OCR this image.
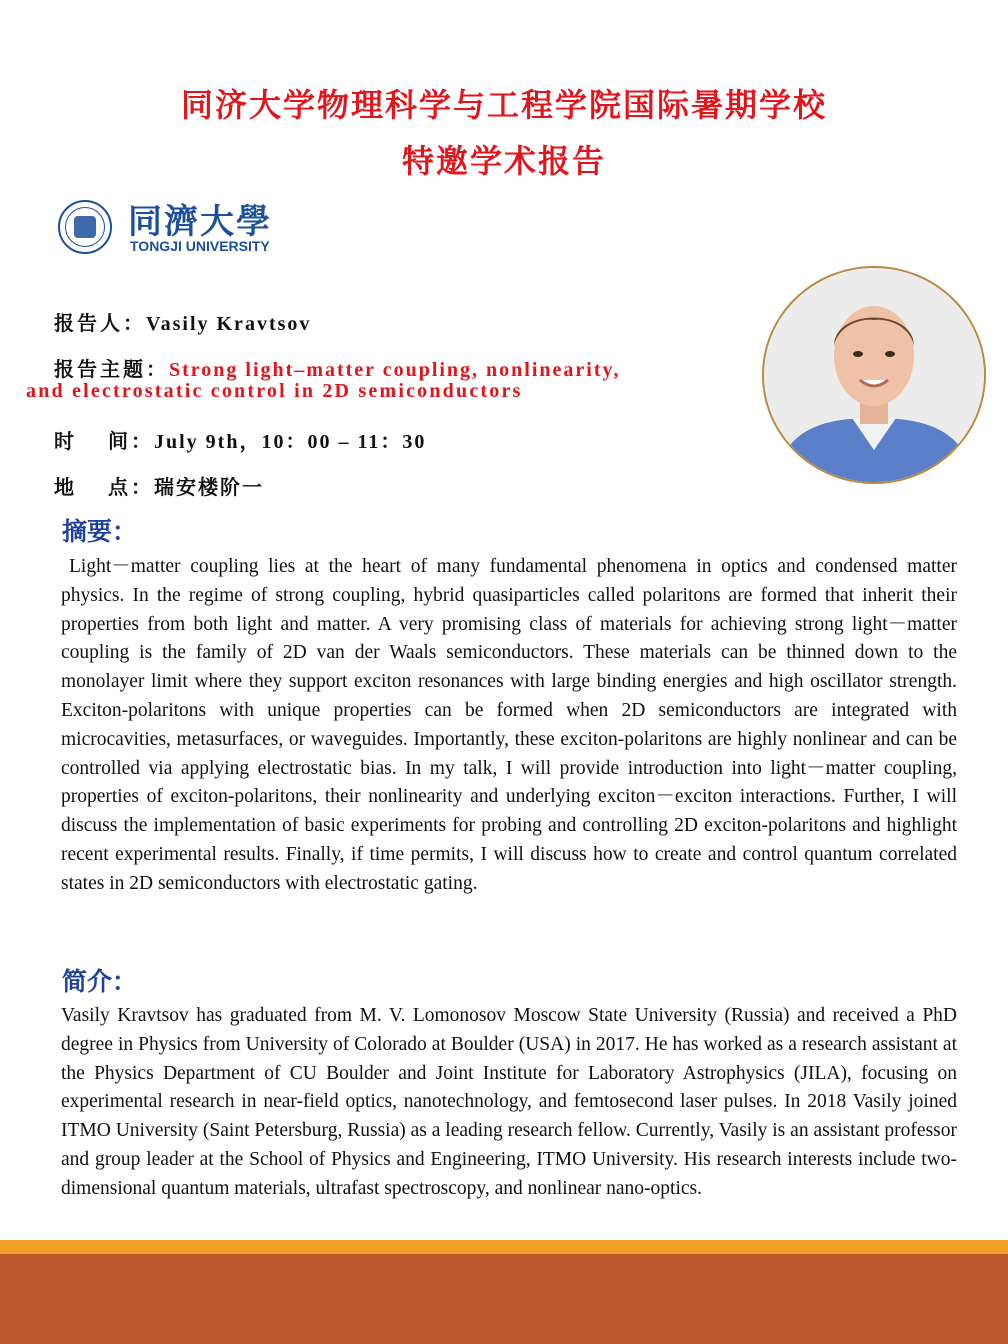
同济大学物理科学与工程学院国际暑期学校
特邀学术报告
同濟大學
TONGJI UNIVERSITY
报告人：Vasily Kravtsov
报告主题：Strong light–matter coupling, nonlinearity,
and electrostatic control in 2D semiconductors
时　 间：July 9th，10：00 – 11：30
地　 点：瑞安楼阶一
摘要：

Light－matter coupling lies at the heart of many fundamental phenomena in optics and condensed matter physics. In the regime of strong coupling, hybrid quasiparticles called polaritons are formed that inherit their properties from both light and matter. A very promising class of materials for achieving strong light－matter coupling is the family of 2D van der Waals semiconductors. These materials can be thinned down to the monolayer limit where they support exciton resonances with large binding energies and high oscillator strength. Exciton-polaritons with unique properties can be formed when 2D semiconductors are integrated with microcavities, metasurfaces, or waveguides. Importantly, these exciton-polaritons are highly nonlinear and can be controlled via applying electrostatic bias. In my talk, I will provide introduction into light－matter coupling, properties of exciton-polaritons, their nonlinearity and underlying exciton－exciton interactions. Further, I will discuss the implementation of basic experiments for probing and controlling 2D exciton-polaritons and highlight recent experimental results. Finally, if time permits, I will discuss how to create and control quantum correlated states in 2D semiconductors with electrostatic gating.

简介：

Vasily Kravtsov has graduated from M. V. Lomonosov Moscow State University (Russia) and received a PhD degree in Physics from University of Colorado at Boulder (USA) in 2017. He has worked as a research assistant at the Physics Department of CU Boulder and Joint Institute for Laboratory Astrophysics (JILA), focusing on experimental research in near-field optics, nanotechnology, and femtosecond laser pulses. In 2018 Vasily joined ITMO University (Saint Petersburg, Russia) as a leading research fellow. Currently, Vasily is an assistant professor and group leader at the School of Physics and Engineering, ITMO University. His research interests include two-dimensional quantum materials, ultrafast spectroscopy, and nonlinear nano-optics.
